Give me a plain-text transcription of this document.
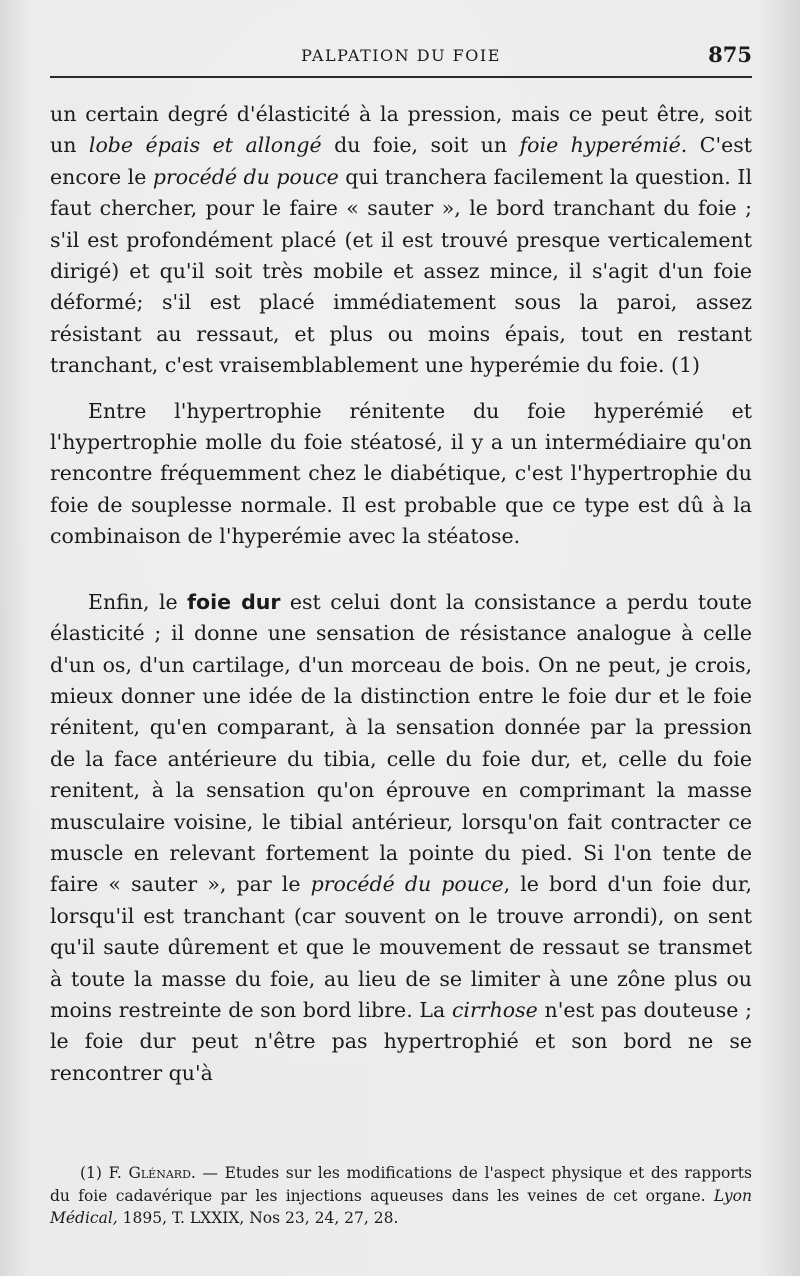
PALPATION DU FOIE	875

un certain degré d'élasticité à la pression, mais ce peut être, soit un lobe épais et allongé du foie, soit un foie hyperémié. C'est encore le procédé du pouce qui tranchera facilement la question. Il faut chercher, pour le faire « sauter », le bord tranchant du foie ; s'il est profondément placé (et il est trouvé presque verticalement dirigé) et qu'il soit très mobile et assez mince, il s'agit d'un foie déformé; s'il est placé immédiatement sous la paroi, assez résistant au ressaut, et plus ou moins épais, tout en restant tranchant, c'est vraisemblablement une hyperémie du foie. (1)

Entre l'hypertrophie rénitente du foie hyperémié et l'hypertrophie molle du foie stéatosé, il y a un intermédiaire qu'on rencontre fréquemment chez le diabétique, c'est l'hypertrophie du foie de souplesse normale. Il est probable que ce type est dû à la combinaison de l'hyperémie avec la stéatose.

Enfin, le foie dur est celui dont la consistance a perdu toute élasticité ; il donne une sensation de résistance analogue à celle d'un os, d'un cartilage, d'un morceau de bois. On ne peut, je crois, mieux donner une idée de la distinction entre le foie dur et le foie rénitent, qu'en comparant, à la sensation donnée par la pression de la face antérieure du tibia, celle du foie dur, et, celle du foie renitent, à la sensation qu'on éprouve en comprimant la masse musculaire voisine, le tibial antérieur, lorsqu'on fait contracter ce muscle en relevant fortement la pointe du pied. Si l'on tente de faire « sauter », par le procédé du pouce, le bord d'un foie dur, lorsqu'il est tranchant (car souvent on le trouve arrondi), on sent qu'il saute dûrement et que le mouvement de ressaut se transmet à toute la masse du foie, au lieu de se limiter à une zône plus ou moins restreinte de son bord libre. La cirrhose n'est pas douteuse ; le foie dur peut n'être pas hypertrophié et son bord ne se rencontrer qu'à

(1) F. Glénard. — Etudes sur les modifications de l'aspect physique et des rapports du foie cadavérique par les injections aqueuses dans les veines de cet organe. Lyon Médical, 1895, T. LXXIX, Nos 23, 24, 27, 28.
